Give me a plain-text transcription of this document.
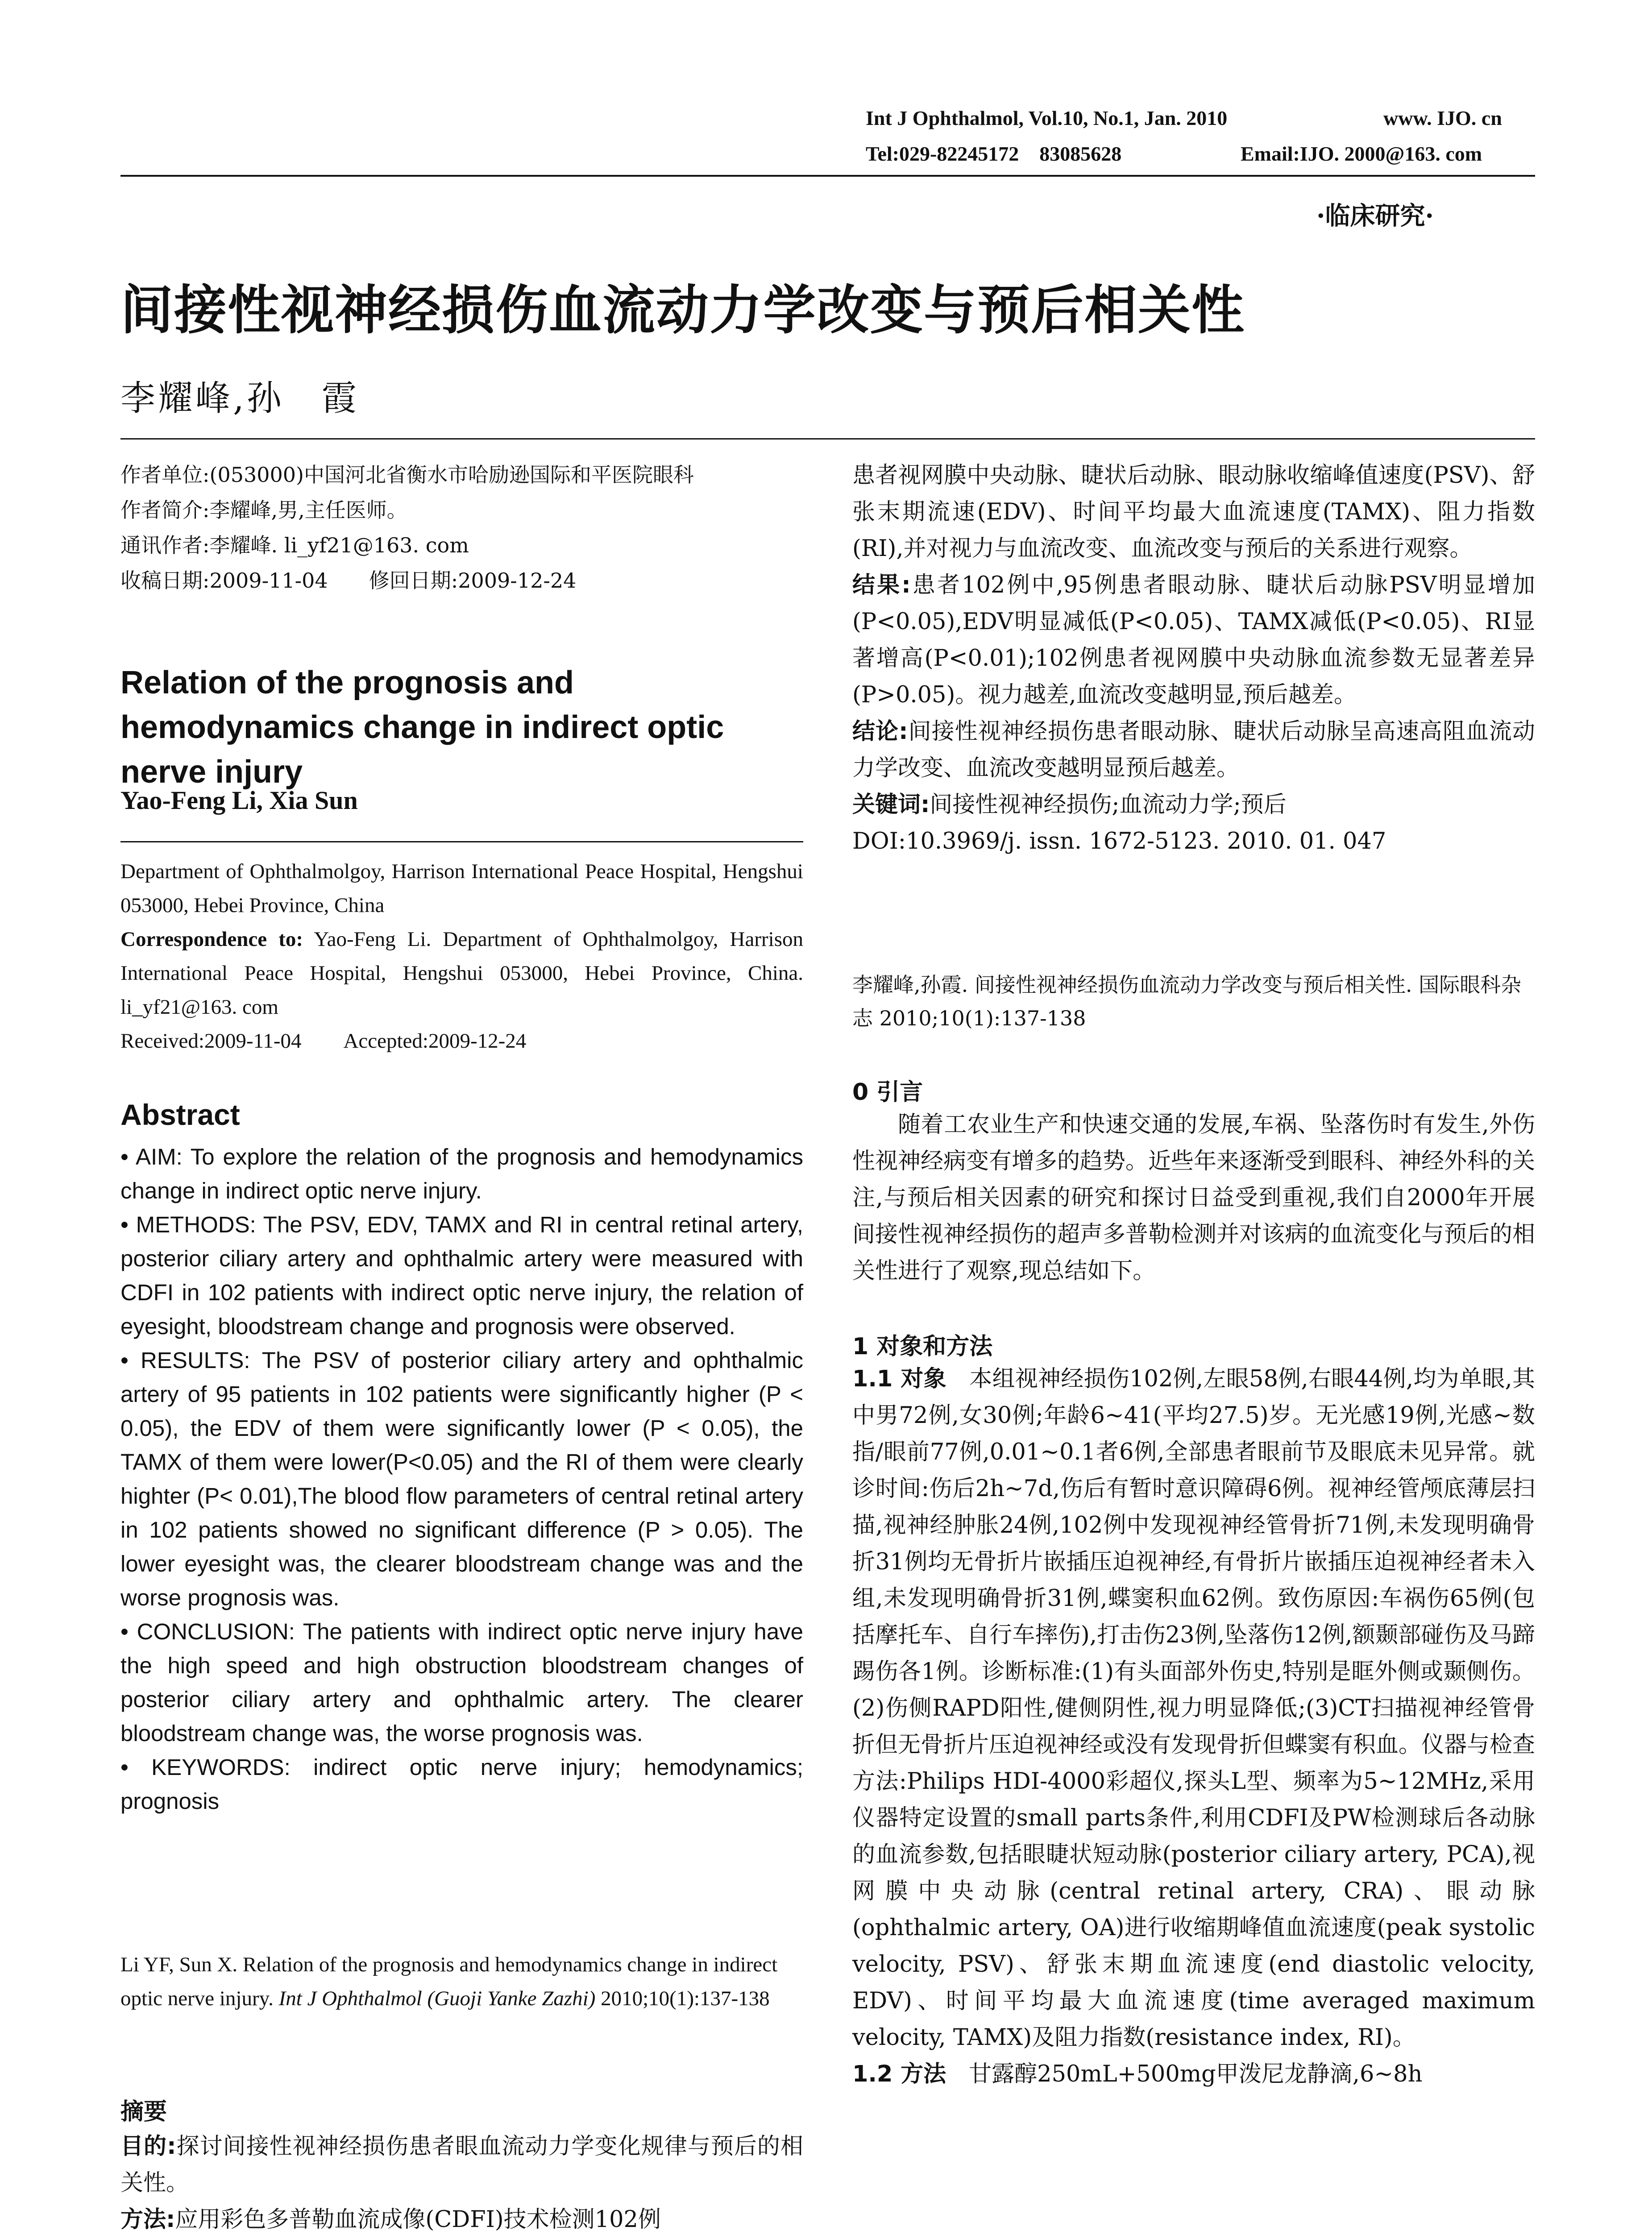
Int J Ophthalmol, Vol.10, No.1, Jan. 2010	www. IJO. cn
Tel:029-82245172    83085628	Email:IJO. 2000@163. com
·临床研究·
间接性视神经损伤血流动力学改变与预后相关性
李耀峰,孙　霞

作者单位:(053000)中国河北省衡水市哈励逊国际和平医院眼科

作者简介:李耀峰,男,主任医师。

通讯作者:李耀峰. li_yf21@163. com

收稿日期:2009-11-04　　修回日期:2009-12-24

Relation of the prognosis and hemodynamics change in indirect optic nerve injury
Yao-Feng Li, Xia Sun

Department of Ophthalmolgoy, Harrison International Peace Hospital, Hengshui 053000, Hebei Province, China

Correspondence to: Yao-Feng Li. Department of Ophthalmolgoy, Harrison International Peace Hospital, Hengshui 053000, Hebei Province, China. li_yf21@163. com

Received:2009-11-04　　Accepted:2009-12-24

Abstract

• AIM: To explore the relation of the prognosis and hemodynamics change in indirect optic nerve injury.

• METHODS: The PSV, EDV, TAMX and RI in central retinal artery, posterior ciliary artery and ophthalmic artery were measured with CDFI in 102 patients with indirect optic nerve injury, the relation of eyesight, bloodstream change and prognosis were observed.

• RESULTS: The PSV of posterior ciliary artery and ophthalmic artery of 95 patients in 102 patients were significantly higher (P < 0.05), the EDV of them were significantly lower (P < 0.05), the TAMX of them were lower(P<0.05) and the RI of them were clearly highter (P< 0.01),The blood flow parameters of central retinal artery in 102 patients showed no significant difference (P > 0.05). The lower eyesight was, the clearer bloodstream change was and the worse prognosis was.

• CONCLUSION: The patients with indirect optic nerve injury have the high speed and high obstruction bloodstream changes of posterior ciliary artery and ophthalmic artery. The clearer bloodstream change was, the worse prognosis was.

• KEYWORDS: indirect optic nerve injury; hemodynamics; prognosis

Li YF, Sun X. Relation of the prognosis and hemodynamics change in indirect optic nerve injury. Int J Ophthalmol (Guoji Yanke Zazhi) 2010;10(1):137-138
摘要

目的:探讨间接性视神经损伤患者眼血流动力学变化规律与预后的相关性。

方法:应用彩色多普勒血流成像(CDFI)技术检测102例

患者视网膜中央动脉、睫状后动脉、眼动脉收缩峰值速度(PSV)、舒张末期流速(EDV)、时间平均最大血流速度(TAMX)、阻力指数(RI),并对视力与血流改变、血流改变与预后的关系进行观察。

结果:患者102例中,95例患者眼动脉、睫状后动脉PSV明显增加(P<0.05),EDV明显减低(P<0.05)、TAMX减低(P<0.05)、RI显著增高(P<0.01);102例患者视网膜中央动脉血流参数无显著差异(P>0.05)。视力越差,血流改变越明显,预后越差。

结论:间接性视神经损伤患者眼动脉、睫状后动脉呈高速高阻血流动力学改变、血流改变越明显预后越差。

关键词:间接性视神经损伤;血流动力学;预后

DOI:10.3969/j. issn. 1672-5123. 2010. 01. 047

李耀峰,孙霞. 间接性视神经损伤血流动力学改变与预后相关性. 国际眼科杂志 2010;10(1):137-138
0 引言

随着工农业生产和快速交通的发展,车祸、坠落伤时有发生,外伤性视神经病变有增多的趋势。近些年来逐渐受到眼科、神经外科的关注,与预后相关因素的研究和探讨日益受到重视,我们自2000年开展间接性视神经损伤的超声多普勒检测并对该病的血流变化与预后的相关性进行了观察,现总结如下。

1 对象和方法

1.1 对象　 本组视神经损伤102例,左眼58例,右眼44例,均为单眼,其中男72例,女30例;年龄6~41(平均27.5)岁。无光感19例,光感~数指/眼前77例,0.01~0.1者6例,全部患者眼前节及眼底未见异常。就诊时间:伤后2h~7d,伤后有暂时意识障碍6例。视神经管颅底薄层扫描,视神经肿胀24例,102例中发现视神经管骨折71例,未发现明确骨折31例均无骨折片嵌插压迫视神经,有骨折片嵌插压迫视神经者未入组,未发现明确骨折31例,蝶窦积血62例。致伤原因:车祸伤65例(包括摩托车、自行车摔伤),打击伤23例,坠落伤12例,额颞部碰伤及马蹄踢伤各1例。诊断标准:(1)有头面部外伤史,特别是眶外侧或颞侧伤。(2)伤侧RAPD阳性,健侧阴性,视力明显降低;(3)CT扫描视神经管骨折但无骨折片压迫视神经或没有发现骨折但蝶窦有积血。仪器与检查方法:Philips HDI-4000彩超仪,探头L型、频率为5~12MHz,采用仪器特定设置的small parts条件,利用CDFI及PW检测球后各动脉的血流参数,包括眼睫状短动脉(posterior ciliary artery, PCA),视网膜中央动脉(central retinal artery, CRA)、眼动脉(ophthalmic artery, OA)进行收缩期峰值血流速度(peak systolic velocity, PSV)、舒张末期血流速度(end diastolic velocity, EDV)、时间平均最大血流速度(time averaged maximum velocity, TAMX)及阻力指数(resistance index, RI)。

1.2 方法　 甘露醇250mL+500mg甲泼尼龙静滴,6~8h
